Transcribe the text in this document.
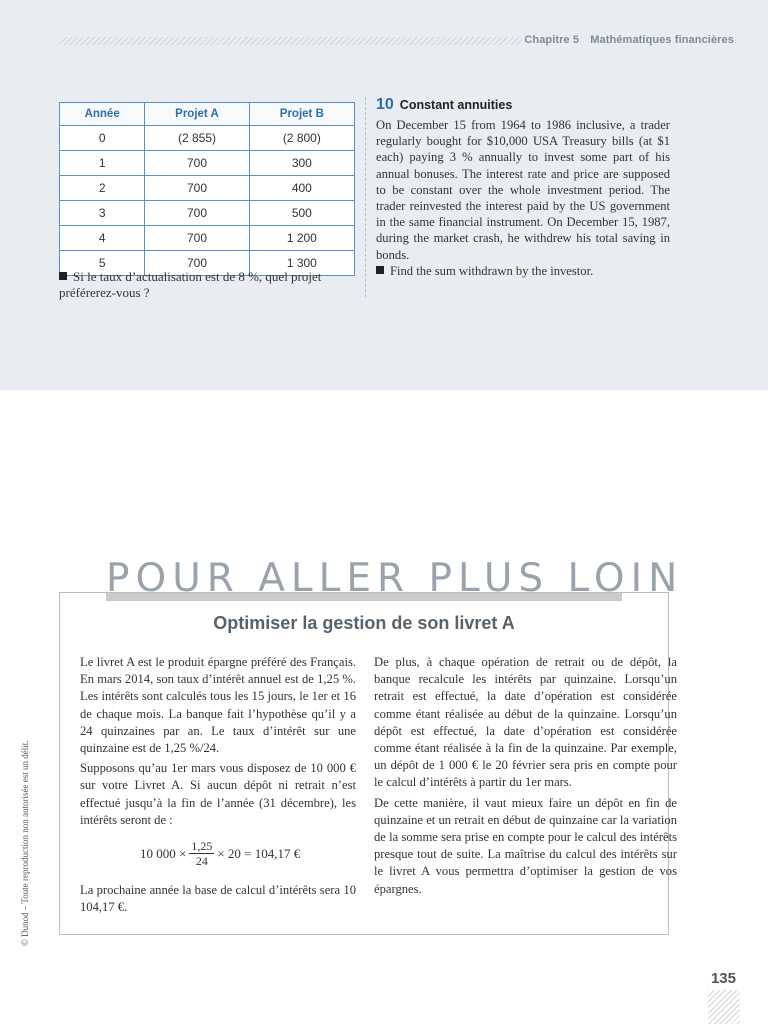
Chapitre 5 Mathématiques financières
Année	Projet A	Projet B
0	(2 855)	(2 800)
1	700	300
2	700	400
3	700	500
4	700	1 200
5	700	1 300
Si le taux d’actualisation est de 8 %, quel projet préférerez-vous ?
10 Constant annuities

On December 15 from 1964 to 1986 inclusive, a trader regularly bought for $10,000 USA Treasury bills (at $1 each) paying 3 % annually to invest some part of his annual bonuses. The interest rate and price are supposed to be constant over the whole investment period. The trader reinvested the interest paid by the US government in the same financial instrument. On December 15, 1987, during the market crash, he withdrew his total saving in bonds.

Find the sum withdrawn by the investor.
© Dunod – Toute reproduction non autorisée est un délit.
POUR ALLER PLUS LOIN
Optimiser la gestion de son livret A

Le livret A est le produit épargne préféré des Français. En mars 2014, son taux d’intérêt annuel est de 1,25 %. Les intérêts sont calculés tous les 15 jours, le 1er et 16 de chaque mois. La banque fait l’hypothèse qu’il y a 24 quinzaines par an. Le taux d’intérêt sur une quinzaine est de 1,25 %/24.

Supposons qu’au 1er mars vous disposez de 10 000 € sur votre Livret A. Si aucun dépôt ni retrait n’est effectué jusqu’à la fin de l’année (31 décembre), les intérêts seront de :

10 $000 \times \frac{1,25}{24} \times 20 = 104,17$ €

La prochaine année la base de calcul d’intérêts sera 10 104,17 €.

De plus, à chaque opération de retrait ou de dépôt, la banque recalcule les intérêts par quinzaine. Lorsqu’un retrait est effectué, la date d’opération est considérée comme étant réalisée au début de la quinzaine. Lorsqu’un dépôt est effectué, la date d’opération est considérée comme étant réalisée à la fin de la quinzaine. Par exemple, un dépôt de 1 000 € le 20 février sera pris en compte pour le calcul d’intérêts à partir du 1er mars.

De cette manière, il vaut mieux faire un dépôt en fin de quinzaine et un retrait en début de quinzaine car la variation de la somme sera prise en compte pour le calcul des intérêts presque tout de suite. La maîtrise du calcul des intérêts sur le livret A vous permettra d’optimiser la gestion de vos épargnes.

135
